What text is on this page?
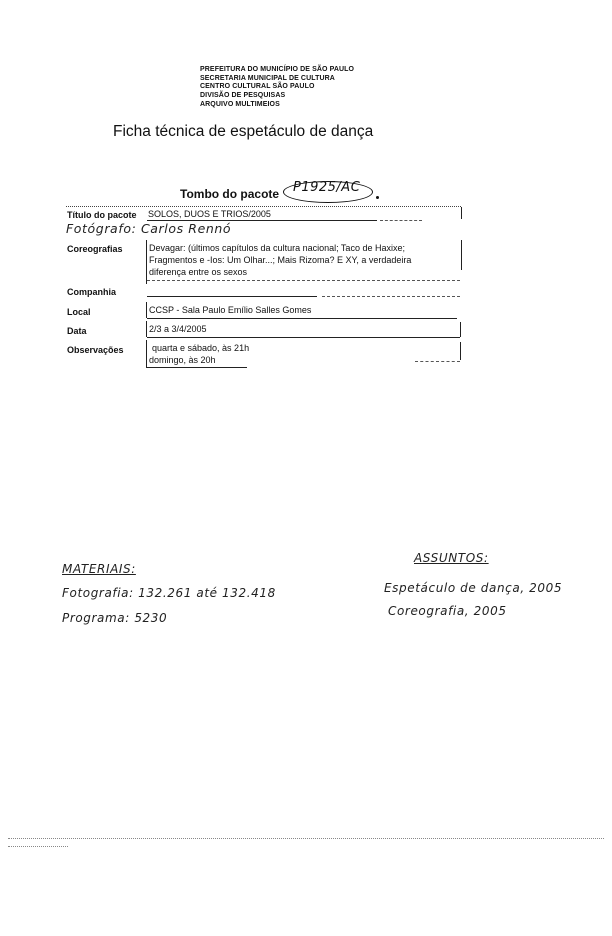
PREFEITURA DO MUNICÍPIO DE SÃO PAULO
SECRETARIA MUNICIPAL DE CULTURA
CENTRO CULTURAL SÃO PAULO
DIVISÃO DE PESQUISAS
ARQUIVO MULTIMEIOS
Ficha técnica de espetáculo de dança
Tombo do pacote P1925/AC
Título do pacote SOLOS, DUOS E TRIOS/2005
Fotógrafo: Carlos Rennó
Coreografias	Devagar: (últimos capítulos da cultura nacional; Taco de Haxixe;
Fragmentos e -Ios: Um Olhar...; Mais Rizoma? E XY, a verdadeira
diferença entre os sexos
Companhia
Local	CCSP - Sala Paulo Emílio Salles Gomes
Data	2/3 a 3/4/2005
Observações	quarta e sábado, às 21h
domingo, às 20h
MATERIAIS:
Fotografia: 132.261 até 132.418
Programa: 5230
ASSUNTOS:
Espetáculo de dança, 2005
Coreografia, 2005
